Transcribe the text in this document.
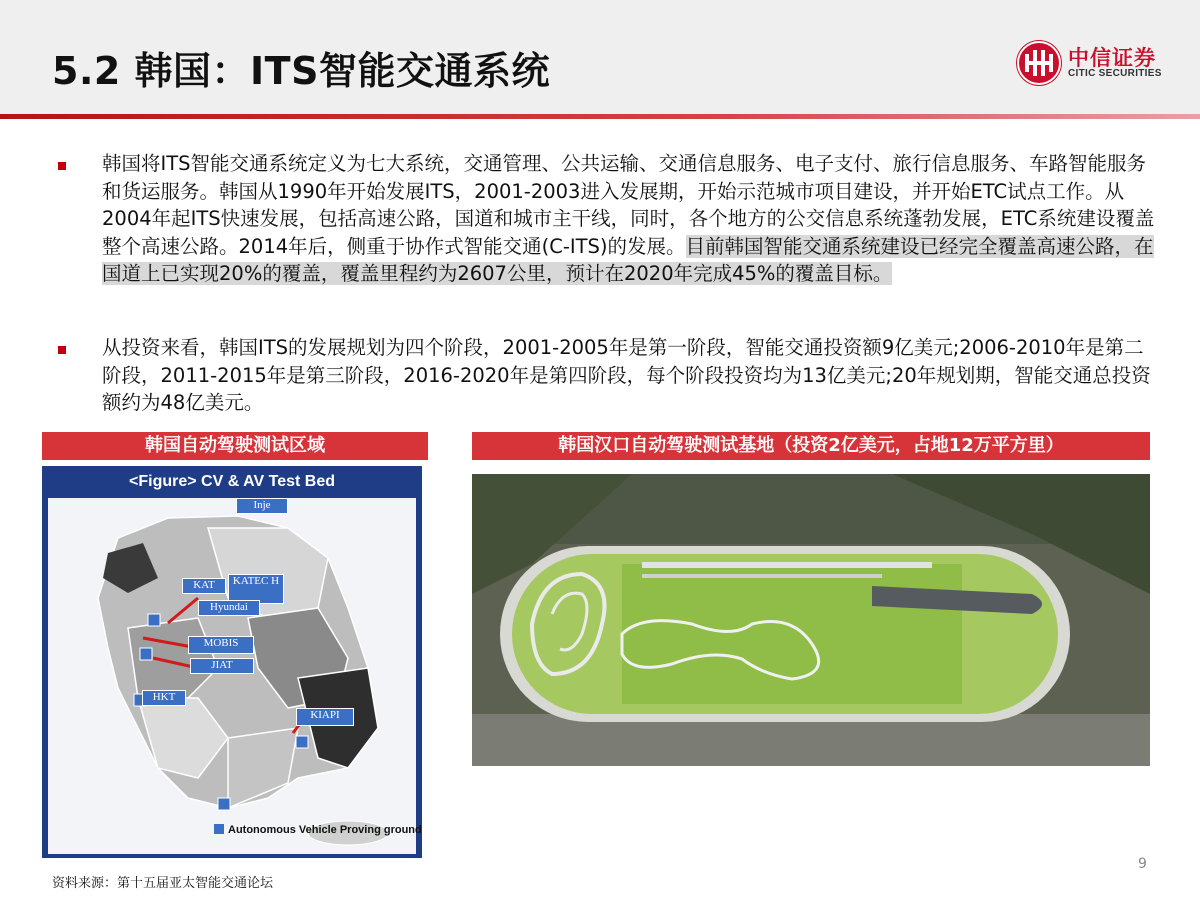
5.2 韩国：ITS智能交通系统	中信证券
CITIC SECURITIES
韩国将ITS智能交通系统定义为七大系统，交通管理、公共运输、交通信息服务、电子支付、旅行信息服务、车路智能服务和货运服务。韩国从1990年开始发展ITS，2001-2003进入发展期，开始示范城市项目建设，并开始ETC试点工作。从2004年起ITS快速发展，包括高速公路，国道和城市主干线，同时，各个地方的公交信息系统蓬勃发展，ETC系统建设覆盖整个高速公路。2014年后，侧重于协作式智能交通(C-ITS)的发展。目前韩国智能交通系统建设已经完全覆盖高速公路，在国道上已实现20%的覆盖，覆盖里程约为2607公里，预计在2020年完成45%的覆盖目标。
从投资来看，韩国ITS的发展规划为四个阶段，2001-2005年是第一阶段，智能交通投资额9亿美元;2006-2010年是第二阶段，2011-2015年是第三阶段，2016-2020年是第四阶段，每个阶段投资均为13亿美元;20年规划期，智能交通总投资额约为48亿美元。
韩国自动驾驶测试区域	韩国汉口自动驾驶测试基地（投资2亿美元，占地12万平方里）
<Figure> CV & AV Test Bed
Inje
KAT	KATEC H
Hyundai
MOBIS
JIAT
HKT
KIAPI
Autonomous Vehicle Proving ground
资料来源：第十五届亚太智能交通论坛
9
